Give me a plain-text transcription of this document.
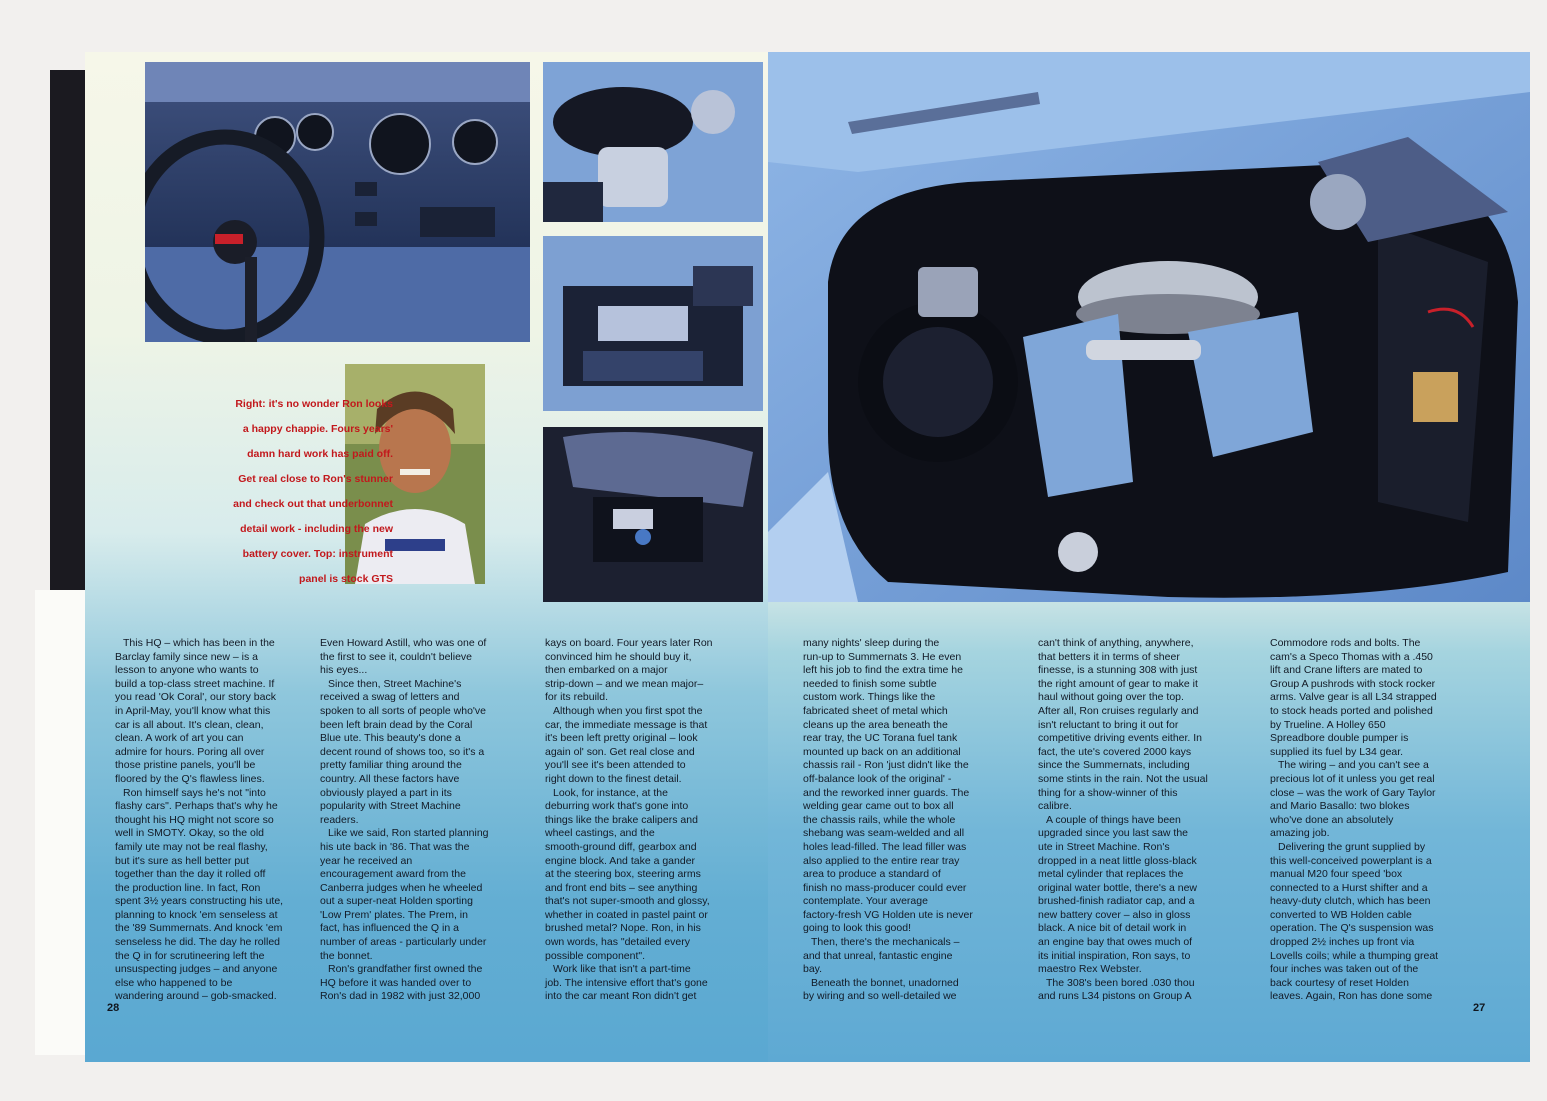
Right: it's no wonder Ron looks
a happy chappie. Fours years'
damn hard work has paid off.
Get real close to Ron's stunner
and check out that underbonnet
detail work - including the new
battery cover. Top: instrument
panel is stock GTS

This HQ – which has been in the

Barclay family since new – is a

lesson to anyone who wants to

build a top-class street machine. If

you read 'Ok Coral', our story back

in April-May, you'll know what this

car is all about. It's clean, clean,

clean. A work of art you can

admire for hours. Poring all over

those pristine panels, you'll be

floored by the Q's flawless lines.

Ron himself says he's not "into

flashy cars". Perhaps that's why he

thought his HQ might not score so

well in SMOTY. Okay, so the old

family ute may not be real flashy,

but it's sure as hell better put

together than the day it rolled off

the production line. In fact, Ron

spent 3½ years constructing his ute,

planning to knock 'em senseless at

the '89 Summernats. And knock 'em

senseless he did. The day he rolled

the Q in for scrutineering left the

unsuspecting judges – and anyone

else who happened to be

wandering around – gob-smacked.

Even Howard Astill, who was one of

the first to see it, couldn't believe

his eyes...

Since then, Street Machine's

received a swag of letters and

spoken to all sorts of people who've

been left brain dead by the Coral

Blue ute. This beauty's done a

decent round of shows too, so it's a

pretty familiar thing around the

country. All these factors have

obviously played a part in its

popularity with Street Machine

readers.

Like we said, Ron started planning

his ute back in '86. That was the

year he received an

encouragement award from the

Canberra judges when he wheeled

out a super-neat Holden sporting

'Low Prem' plates. The Prem, in

fact, has influenced the Q in a

number of areas - particularly under

the bonnet.

Ron's grandfather first owned the

HQ before it was handed over to

Ron's dad in 1982 with just 32,000

kays on board. Four years later Ron

convinced him he should buy it,

then embarked on a major

strip-down – and we mean major–

for its rebuild.

Although when you first spot the

car, the immediate message is that

it's been left pretty original – look

again ol' son. Get real close and

you'll see it's been attended to

right down to the finest detail.

Look, for instance, at the

deburring work that's gone into

things like the brake calipers and

wheel castings, and the

smooth-ground diff, gearbox and

engine block. And take a gander

at the steering box, steering arms

and front end bits – see anything

that's not super-smooth and glossy,

whether in coated in pastel paint or

brushed metal? Nope. Ron, in his

own words, has "detailed every

possible component".

Work like that isn't a part-time

job. The intensive effort that's gone

into the car meant Ron didn't get

28

many nights' sleep during the

run-up to Summernats 3. He even

left his job to find the extra time he

needed to finish some subtle

custom work. Things like the

fabricated sheet of metal which

cleans up the area beneath the

rear tray, the UC Torana fuel tank

mounted up back on an additional

chassis rail - Ron 'just didn't like the

off-balance look of the original' -

and the reworked inner guards. The

welding gear came out to box all

the chassis rails, while the whole

shebang was seam-welded and all

holes lead-filled. The lead filler was

also applied to the entire rear tray

area to produce a standard of

finish no mass-producer could ever

contemplate. Your average

factory-fresh VG Holden ute is never

going to look this good!

Then, there's the mechanicals –

and that unreal, fantastic engine

bay.

Beneath the bonnet, unadorned

by wiring and so well-detailed we

can't think of anything, anywhere,

that betters it in terms of sheer

finesse, is a stunning 308 with just

the right amount of gear to make it

haul without going over the top.

After all, Ron cruises regularly and

isn't reluctant to bring it out for

competitive driving events either. In

fact, the ute's covered 2000 kays

since the Summernats, including

some stints in the rain. Not the usual

thing for a show-winner of this

calibre.

A couple of things have been

upgraded since you last saw the

ute in Street Machine. Ron's

dropped in a neat little gloss-black

metal cylinder that replaces the

original water bottle, there's a new

brushed-finish radiator cap, and a

new battery cover – also in gloss

black. A nice bit of detail work in

an engine bay that owes much of

its initial inspiration, Ron says, to

maestro Rex Webster.

The 308's been bored .030 thou

and runs L34 pistons on Group A

Commodore rods and bolts. The

cam's a Speco Thomas with a .450

lift and Crane lifters are mated to

Group A pushrods with stock rocker

arms. Valve gear is all L34 strapped

to stock heads ported and polished

by Trueline. A Holley 650

Spreadbore double pumper is

supplied its fuel by L34 gear.

The wiring – and you can't see a

precious lot of it unless you get real

close – was the work of Gary Taylor

and Mario Basallo: two blokes

who've done an absolutely

amazing job.

Delivering the grunt supplied by

this well-conceived powerplant is a

manual M20 four speed 'box

connected to a Hurst shifter and a

heavy-duty clutch, which has been

converted to WB Holden cable

operation. The Q's suspension was

dropped 2½ inches up front via

Lovells coils; while a thumping great

four inches was taken out of the

back courtesy of reset Holden

leaves. Again, Ron has done some

27
